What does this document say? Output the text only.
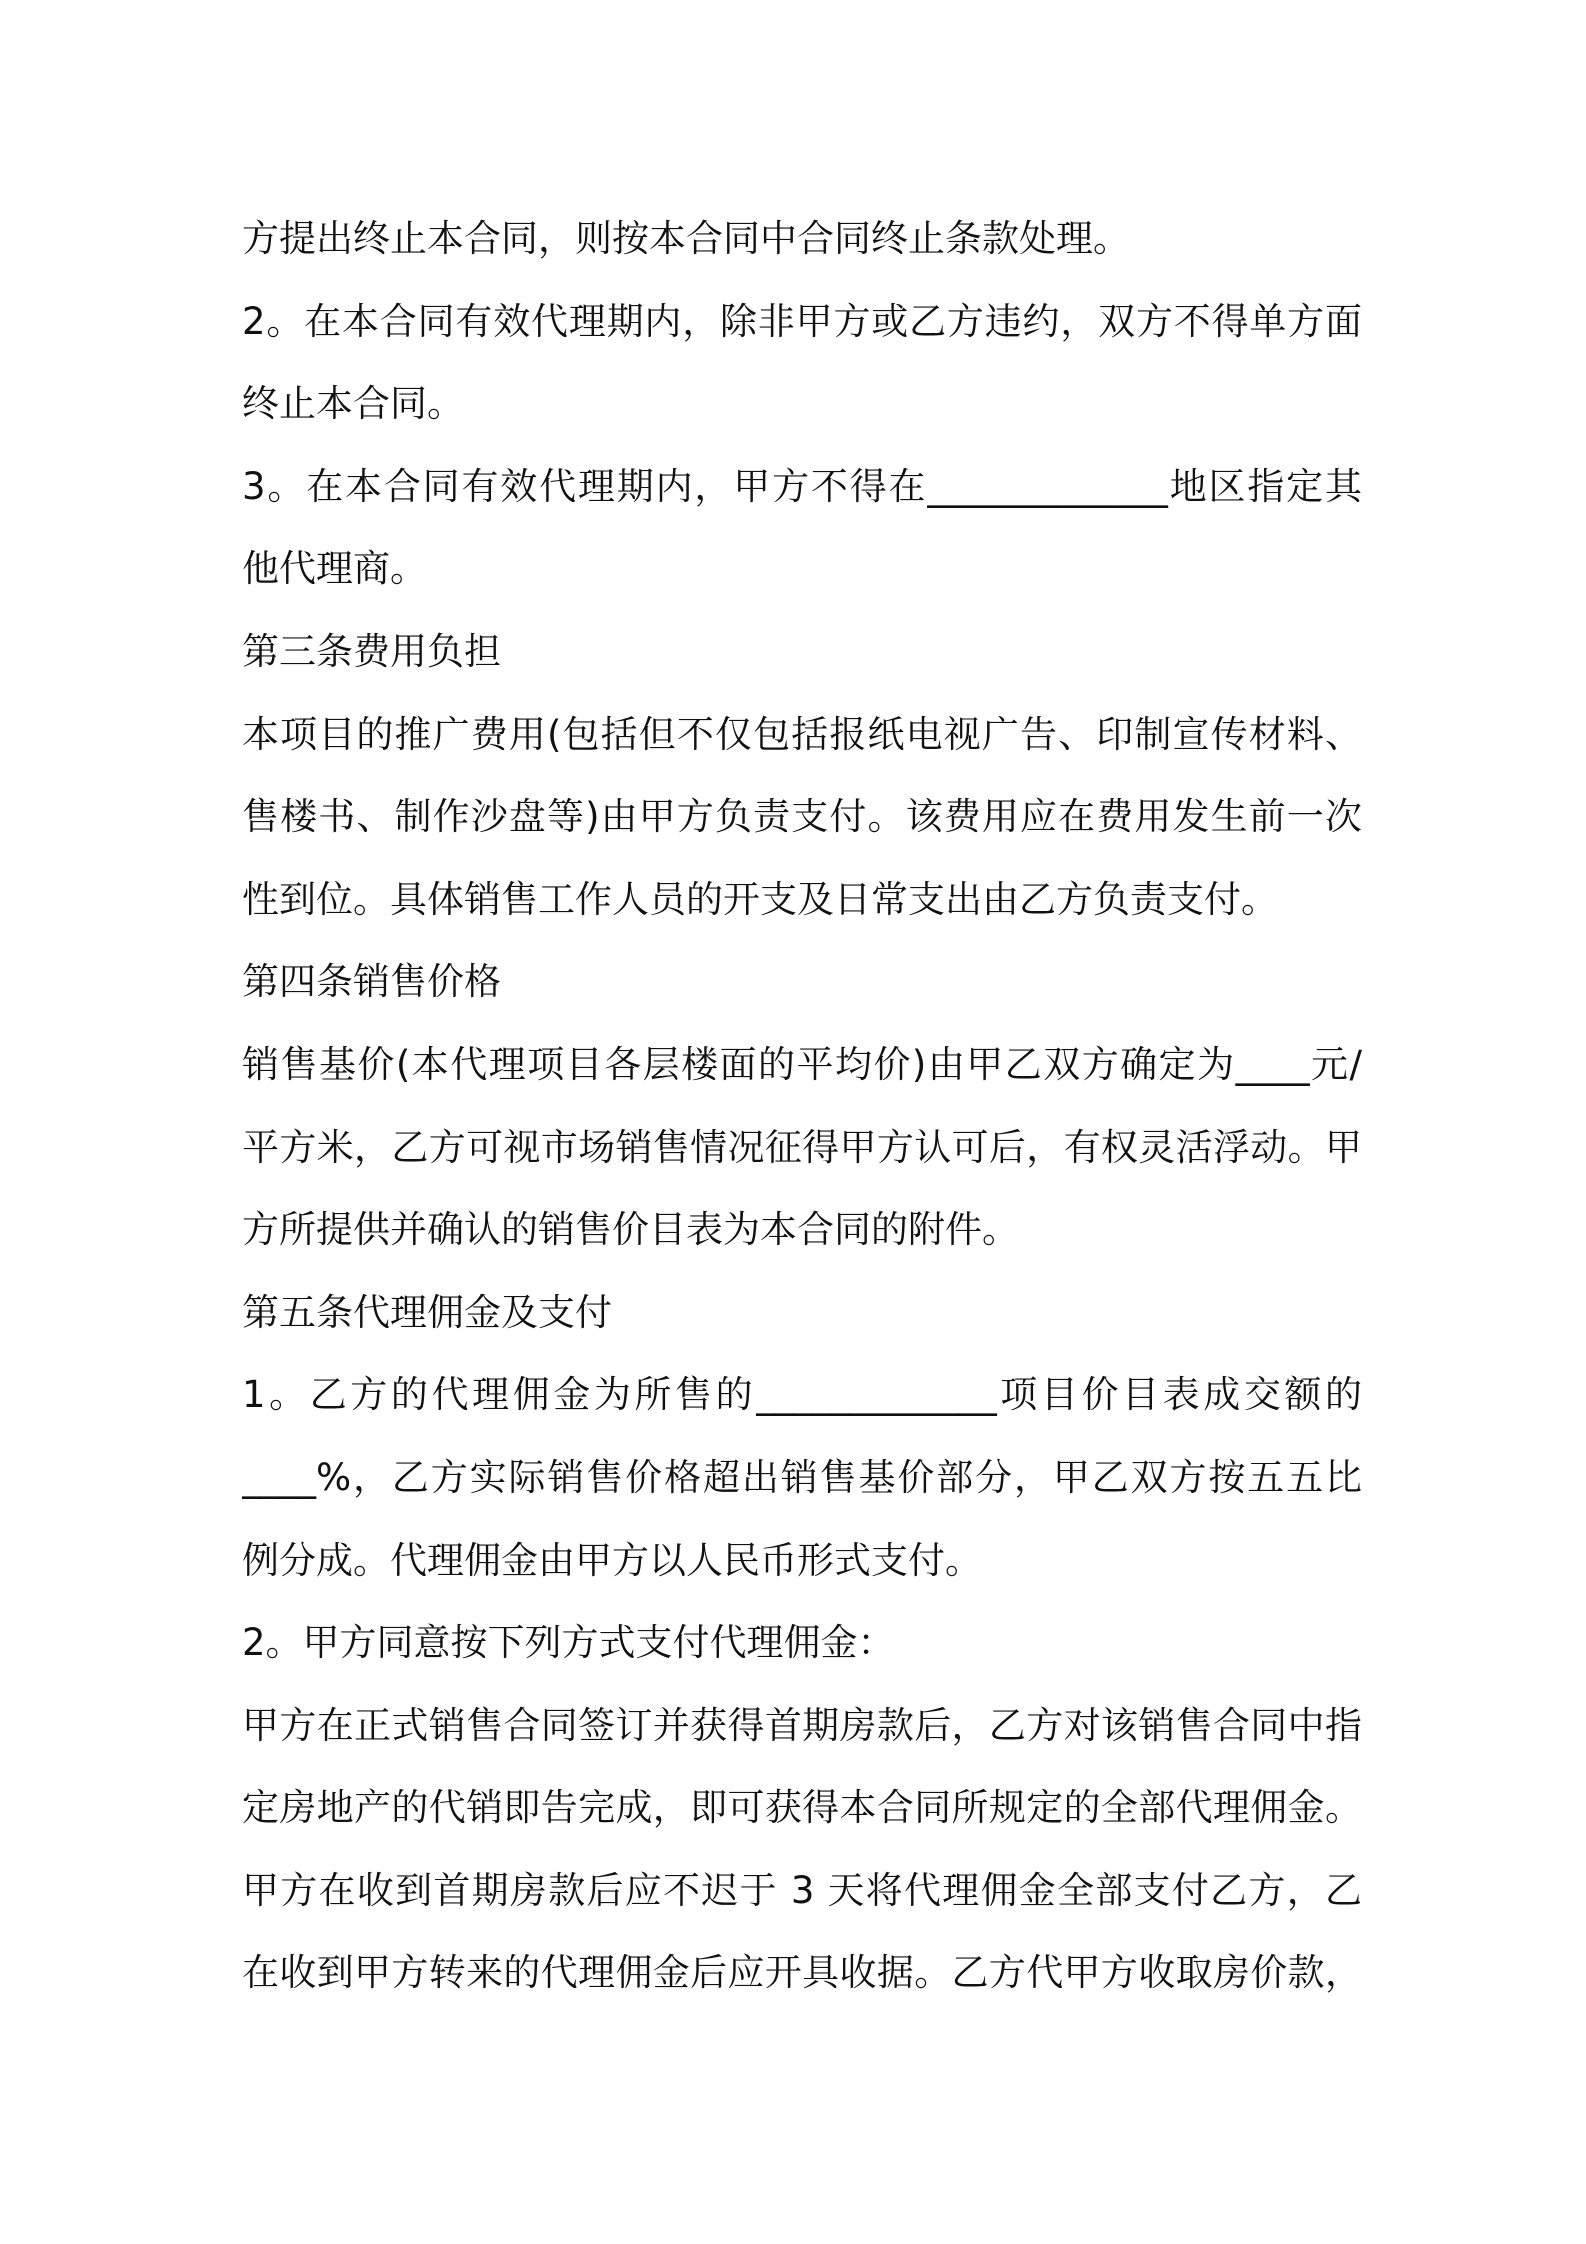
方提出终止本合同，则按本合同中合同终止条款处理。
2。在本合同有效代理期内，除非甲方或乙方违约，双方不得单方面
终止本合同。
3。在本合同有效代理期内，甲方不得在_____________地区指定其
他代理商。
第三条费用负担
本项目的推广费用(包括但不仅包括报纸电视广告、印制宣传材料、
售楼书、制作沙盘等)由甲方负责支付。该费用应在费用发生前一次
性到位。具体销售工作人员的开支及日常支出由乙方负责支付。
第四条销售价格
销售基价(本代理项目各层楼面的平均价)由甲乙双方确定为____元/
平方米，乙方可视市场销售情况征得甲方认可后，有权灵活浮动。甲
方所提供并确认的销售价目表为本合同的附件。
第五条代理佣金及支付
1。乙方的代理佣金为所售的_____________项目价目表成交额的
____%，乙方实际销售价格超出销售基价部分，甲乙双方按五五比
例分成。代理佣金由甲方以人民币形式支付。
2。甲方同意按下列方式支付代理佣金：
甲方在正式销售合同签订并获得首期房款后，乙方对该销售合同中指
定房地产的代销即告完成，即可获得本合同所规定的全部代理佣金。
甲方在收到首期房款后应不迟于 3 天将代理佣金全部支付乙方，乙
在收到甲方转来的代理佣金后应开具收据。乙方代甲方收取房价款，
